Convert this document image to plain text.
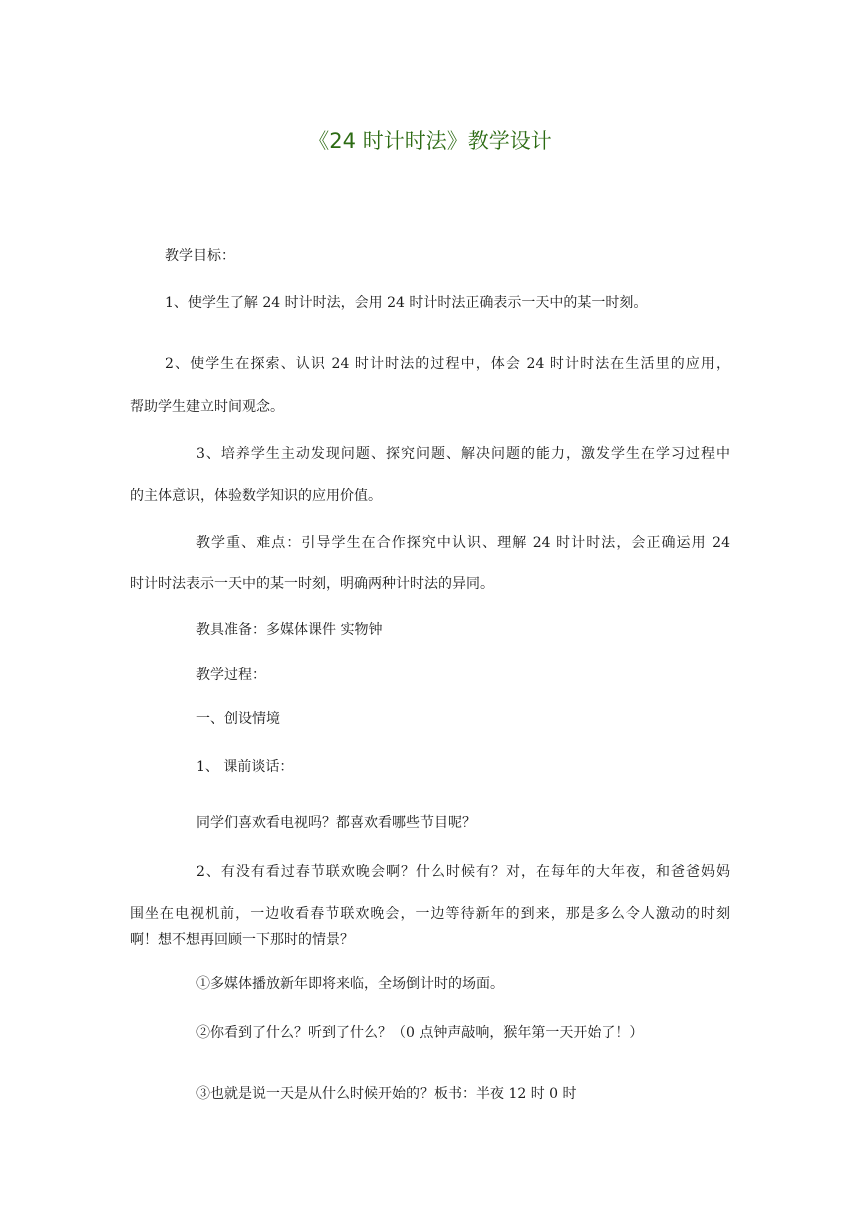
《24 时计时法》教学设计

教学目标：

1、使学生了解 24 时计时法，会用 24 时计时法正确表示一天中的某一时刻。

2、使学生在探索、认识 24 时计时法的过程中，体会 24 时计时法在生活里的应用，

帮助学生建立时间观念。

3、培养学生主动发现问题、探究问题、解决问题的能力，激发学生在学习过程中

的主体意识，体验数学知识的应用价值。

教学重、难点：引导学生在合作探究中认识、理解 24 时计时法，会正确运用 24

时计时法表示一天中的某一时刻，明确两种计时法的异同。

教具准备：多媒体课件 实物钟

教学过程：

一、创设情境

1、 课前谈话：

同学们喜欢看电视吗？都喜欢看哪些节目呢？

2、有没有看过春节联欢晚会啊？什么时候有？对，在每年的大年夜，和爸爸妈妈

围坐在电视机前，一边收看春节联欢晚会，一边等待新年的到来，那是多么令人激动的时刻

啊！想不想再回顾一下那时的情景？

①多媒体播放新年即将来临，全场倒计时的场面。

②你看到了什么？听到了什么？（0 点钟声敲响，猴年第一天开始了！）

③也就是说一天是从什么时候开始的？板书：半夜 12 时 0 时
